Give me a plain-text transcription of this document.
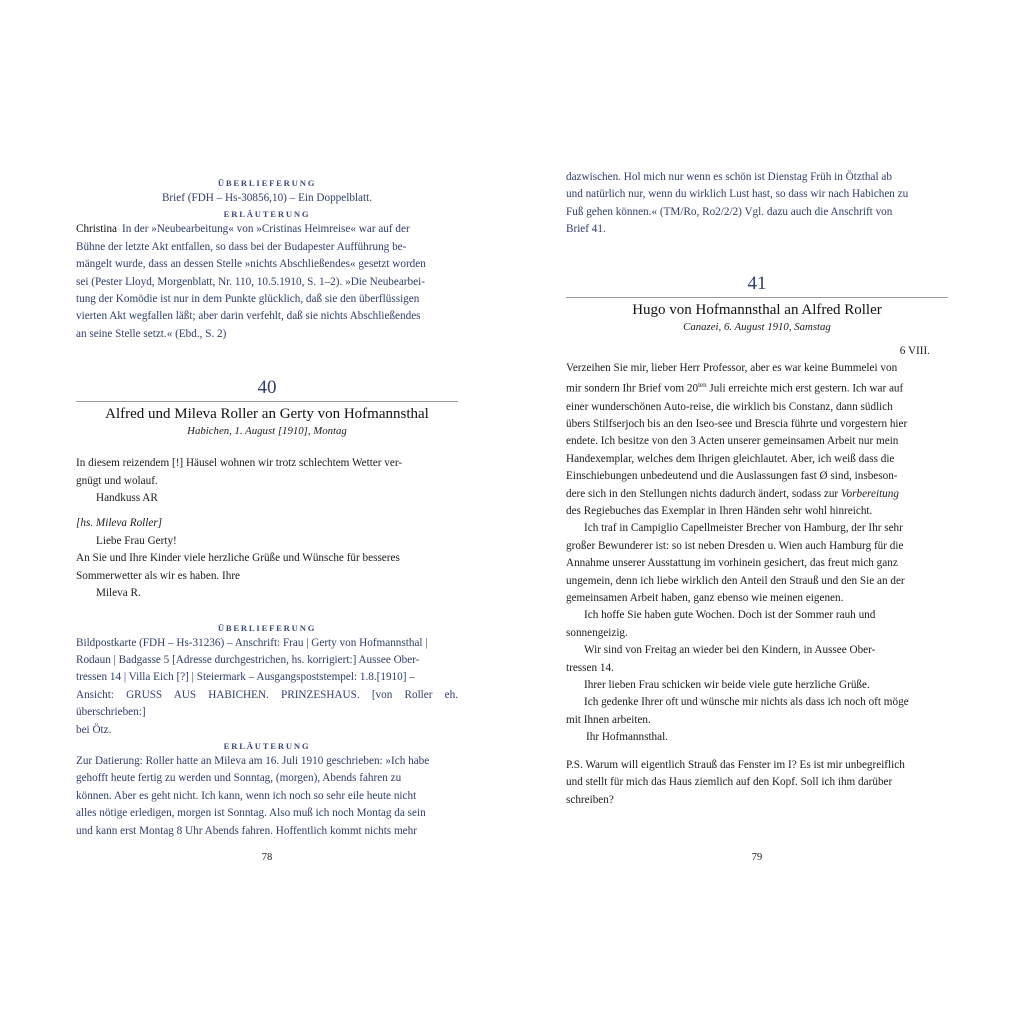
ÜBERLIEFERUNG
Brief (FDH – Hs-30856,10) – Ein Doppelblatt.
ERLÄUTERUNG
Christina In der »Neubearbeitung« von »Cristinas Heimreise« war auf der
Bühne der letzte Akt entfallen, so dass bei der Budapester Aufführung be-
mängelt wurde, dass an dessen Stelle »nichts Abschließendes« gesetzt worden
sei (Pester Lloyd, Morgenblatt, Nr. 110, 10.5.1910, S. 1–2). »Die Neubearbei-
tung der Komödie ist nur in dem Punkte glücklich, daß sie den überflüssigen
vierten Akt wegfallen läßt; aber darin verfehlt, daß sie nichts Abschließendes
an seine Stelle setzt.« (Ebd., S. 2)
40
Alfred und Mileva Roller an Gerty von Hofmannsthal
Habichen, 1. August [1910], Montag
In diesem reizendem [!] Häusel wohnen wir trotz schlechtem Wetter ver-
gnügt und wolauf.
Handkuss AR
[hs. Mileva Roller]
Liebe Frau Gerty!
An Sie und Ihre Kinder viele herzliche Grüße und Wünsche für besseres
Sommerwetter als wir es haben. Ihre
Mileva R.
ÜBERLIEFERUNG
Bildpostkarte (FDH – Hs-31236) – Anschrift: Frau | Gerty von Hofmannsthal |
Rodaun | Badgasse 5 [Adresse durchgestrichen, hs. korrigiert:] Aussee Ober-
tressen 14 | Villa Eich [?] | Steiermark – Ausgangspoststempel: 1.8.[1910] –
Ansicht: GRUSS AUS HABICHEN. PRINZESHAUS. [von Roller eh. überschrieben:]
bei Ötz.
ERLÄUTERUNG
Zur Datierung: Roller hatte an Mileva am 16. Juli 1910 geschrieben: »Ich habe
gehofft heute fertig zu werden und Sonntag, (morgen), Abends fahren zu
können. Aber es geht nicht. Ich kann, wenn ich noch so sehr eile heute nicht
alles nötige erledigen, morgen ist Sonntag. Also muß ich noch Montag da sein
und kann erst Montag 8 Uhr Abends fahren. Hoffentlich kommt nichts mehr
78
dazwischen. Hol mich nur wenn es schön ist Dienstag Früh in Ötzthal ab
und natürlich nur, wenn du wirklich Lust hast, so dass wir nach Habichen zu
Fuß gehen können.« (TM/Ro, Ro2/2/2) Vgl. dazu auch die Anschrift von
Brief 41.
41
Hugo von Hofmannsthal an Alfred Roller
Canazei, 6. August 1910, Samstag
6 VIII.
Verzeihen Sie mir, lieber Herr Professor, aber es war keine Bummelei von
mir sondern Ihr Brief vom $20^{ten}$ Juli erreichte mich erst gestern. Ich war auf
einer wunderschönen Auto-reise, die wirklich bis Constanz, dann südlich
übers Stilfserjoch bis an den Iseo-see und Brescia führte und vorgestern hier
endete. Ich besitze von den 3 Acten unserer gemeinsamen Arbeit nur mein
Handexemplar, welches dem Ihrigen gleichlautet. Aber, ich weiß dass die
Einschiebungen unbedeutend und die Auslassungen fast Ø sind, insbeson-
dere sich in den Stellungen nichts dadurch ändert, sodass zur Vorbereitung
des Regiebuches das Exemplar in Ihren Händen sehr wohl hinreicht.
Ich traf in Campiglio Capellmeister Brecher von Hamburg, der Ihr sehr
großer Bewunderer ist: so ist neben Dresden u. Wien auch Hamburg für die
Annahme unserer Ausstattung im vorhinein gesichert, das freut mich ganz
ungemein, denn ich liebe wirklich den Anteil den Strauß und den Sie an der
gemeinsamen Arbeit haben, ganz ebenso wie meinen eigenen.
Ich hoffe Sie haben gute Wochen. Doch ist der Sommer rauh und
sonnengeizig.
Wir sind von Freitag an wieder bei den Kindern, in Aussee Ober-
tressen 14.
Ihrer lieben Frau schicken wir beide viele gute herzliche Grüße.
Ich gedenke Ihrer oft und wünsche mir nichts als dass ich noch oft möge
mit Ihnen arbeiten.
Ihr Hofmannsthal.
P.S. Warum will eigentlich Strauß das Fenster im I? Es ist mir unbegreiflich
und stellt für mich das Haus ziemlich auf den Kopf. Soll ich ihm darüber
schreiben?
79
